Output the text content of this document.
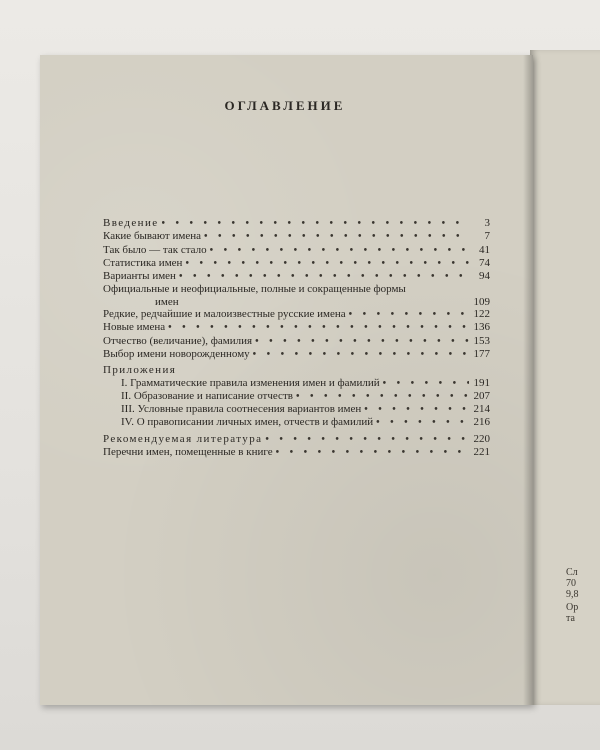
ОГЛАВЛЕНИЕ
Введение • • •	3
Какие бывают имена • • •	7
Так было — так стало • • •	41
Статистика имен • • •	74
Варианты имен • • •	94
Официальные и неофициальные, полные и сокращенные формы
имен	109
Редкие, редчайшие и малоизвестные русские имена • • •	122
Новые имена • • •	136
Отчество (величание), фамилия • • •	153
Выбор имени новорожденному • • •	177
Приложения
I. Грамматические правила изменения имен и фамилий • • •	191
II. Образование и написание отчеств • • •	207
III. Условные правила соотнесения вариантов имен • • •	214
IV. О правописании личных имен, отчеств и фамилий • • •	216
Рекомендуемая литература • • •	220
Перечни имен, помещенные в книге • • •	221
Сл
70
9,8
Ор
та
